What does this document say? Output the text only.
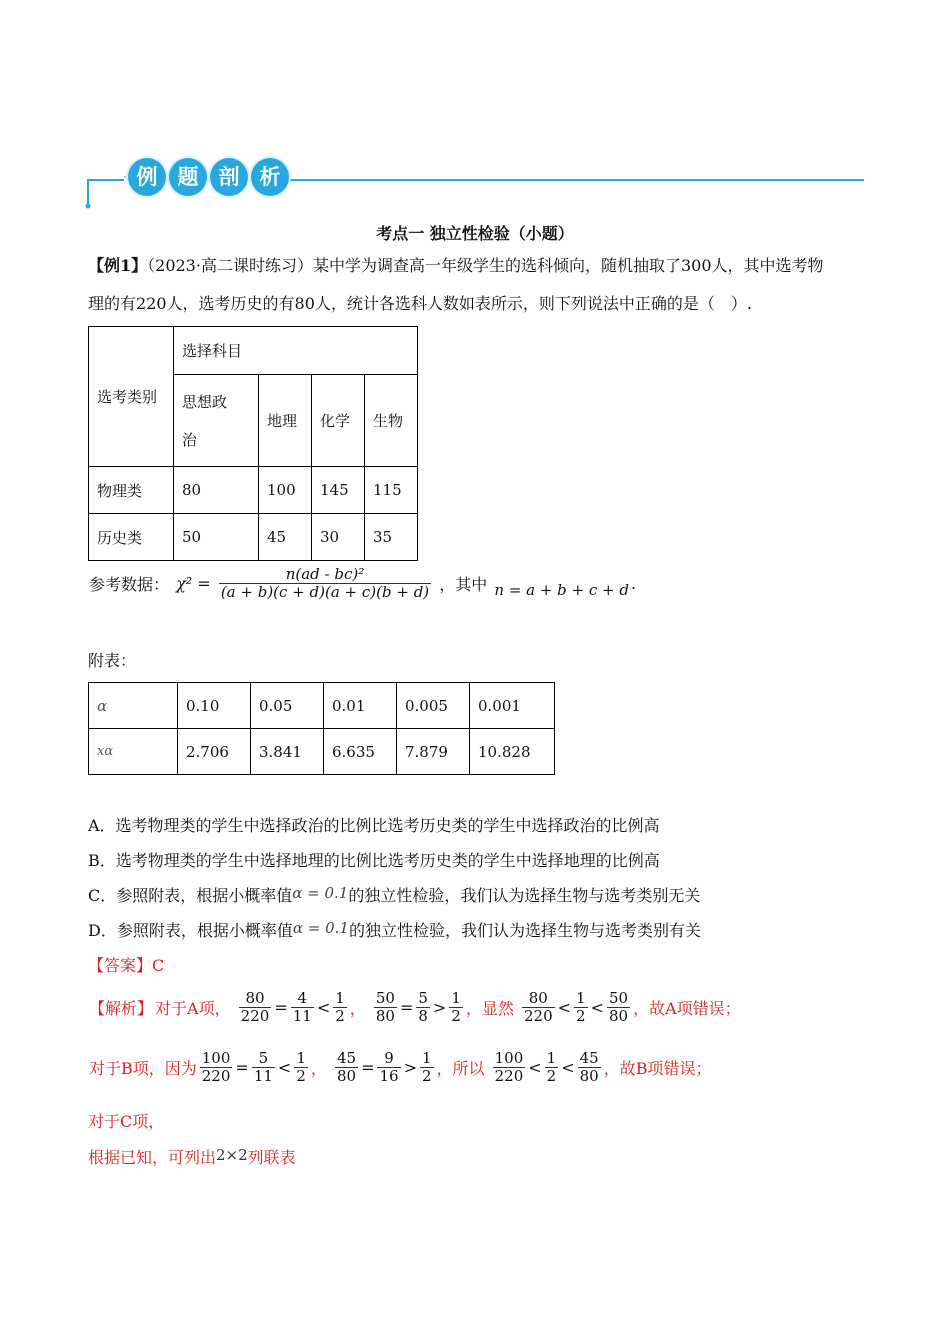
例 题 剖 析
考点一 独立性检验（小题）
【例1】（2023·高二课时练习）某中学为调查高一年级学生的选科倾向，随机抽取了300人，其中选考物
理的有220人，选考历史的有80人，统计各选科人数如表所示，则下列说法中正确的是（　）.
选考类别	选择科目			
	思想政
治	地理	化学	生物
物理类	80	100	145	115
历史类	50	45	30	35
参考数据： $\chi^2 = \frac{\text{n(ad - bc)²}}{(a + b)(c + d)(a + c)(b + d)}$ ，其中 n = a + b + c + d .
附表：
α	0.10	0.05	0.01	0.005	0.001
xα	2.706	3.841	6.635	7.879	10.828
A．选考物理类的学生中选择政治的比例比选考历史类的学生中选择政治的比例高
B．选考物理类的学生中选择地理的比例比选考历史类的学生中选择地理的比例高
C．参照附表，根据小概率值α = 0.1的独立性检验，我们认为选择生物与选考类别无关
D．参照附表，根据小概率值α = 0.1的独立性检验，我们认为选择生物与选考类别有关
【答案】C
【解析】 对于A项， $\frac{80}{220} = \frac{4}{11} < \frac{1}{2}$ ， $\frac{50}{80} = \frac{5}{8} > \frac{1}{2}$ ，显然 $\frac{80}{220} < \frac{1}{2} < \frac{50}{80}$ ，故A项错误；
对于B项，因为 $\frac{100}{220} = \frac{5}{11} < \frac{1}{2}$ ， $\frac{45}{80} = \frac{9}{16} > \frac{1}{2}$ ，所以 $\frac{100}{220} < \frac{1}{2} < \frac{45}{80}$ ，故B项错误；
对于C项，
根据已知，可列出2×2列联表
